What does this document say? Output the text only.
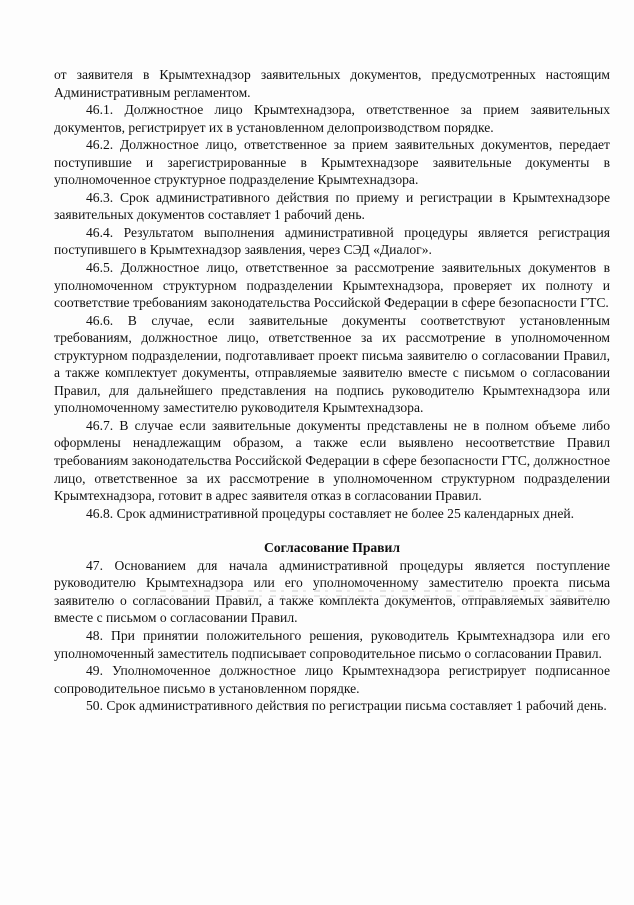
от заявителя в Крымтехнадзор заявительных документов, предусмотренных настоящим Административным регламентом.

46.1. Должностное лицо Крымтехнадзора, ответственное за прием заявительных документов, регистрирует их в установленном делопроизводством порядке.

46.2. Должностное лицо, ответственное за прием заявительных документов, передает поступившие и зарегистрированные в Крымтехнадзоре заявительные документы в уполномоченное структурное подразделение Крымтехнадзора.

46.3. Срок административного действия по приему и регистрации в Крымтехнадзоре заявительных документов составляет 1 рабочий день.

46.4. Результатом выполнения административной процедуры является регистрация поступившего в Крымтехнадзор заявления, через СЭД «Диалог».

46.5. Должностное лицо, ответственное за рассмотрение заявительных документов в уполномоченном структурном подразделении Крымтехнадзора, проверяет их полноту и соответствие требованиям законодательства Российской Федерации в сфере безопасности ГТС.

46.6. В случае, если заявительные документы соответствуют установленным требованиям, должностное лицо, ответственное за их рассмотрение в уполномоченном структурном подразделении, подготавливает проект письма заявителю о согласовании Правил, а также комплектует документы, отправляемые заявителю вместе с письмом о согласовании Правил, для дальнейшего представления на подпись руководителю Крымтехнадзора или уполномоченному заместителю руководителя Крымтехнадзора.

46.7. В случае если заявительные документы представлены не в полном объеме либо оформлены ненадлежащим образом, а также если выявлено несоответствие Правил требованиям законодательства Российской Федерации в сфере безопасности ГТС, должностное лицо, ответственное за их рассмотрение в уполномоченном структурном подразделении Крымтехнадзора, готовит в адрес заявителя отказ в согласовании Правил.

46.8. Срок административной процедуры составляет не более 25 календарных дней.

Согласование Правил

47. Основанием для начала административной процедуры является поступление руководителю Крымтехнадзора или его уполномоченному заместителю проекта письма заявителю о согласовании Правил, а также комплекта документов, отправляемых заявителю вместе с письмом о согласовании Правил.

48. При принятии положительного решения, руководитель Крымтехнадзора или его уполномоченный заместитель подписывает сопроводительное письмо о согласовании Правил.

49. Уполномоченное должностное лицо Крымтехнадзора регистрирует подписанное сопроводительное письмо в установленном порядке.

50. Срок административного действия по регистрации письма составляет 1 рабочий день.
